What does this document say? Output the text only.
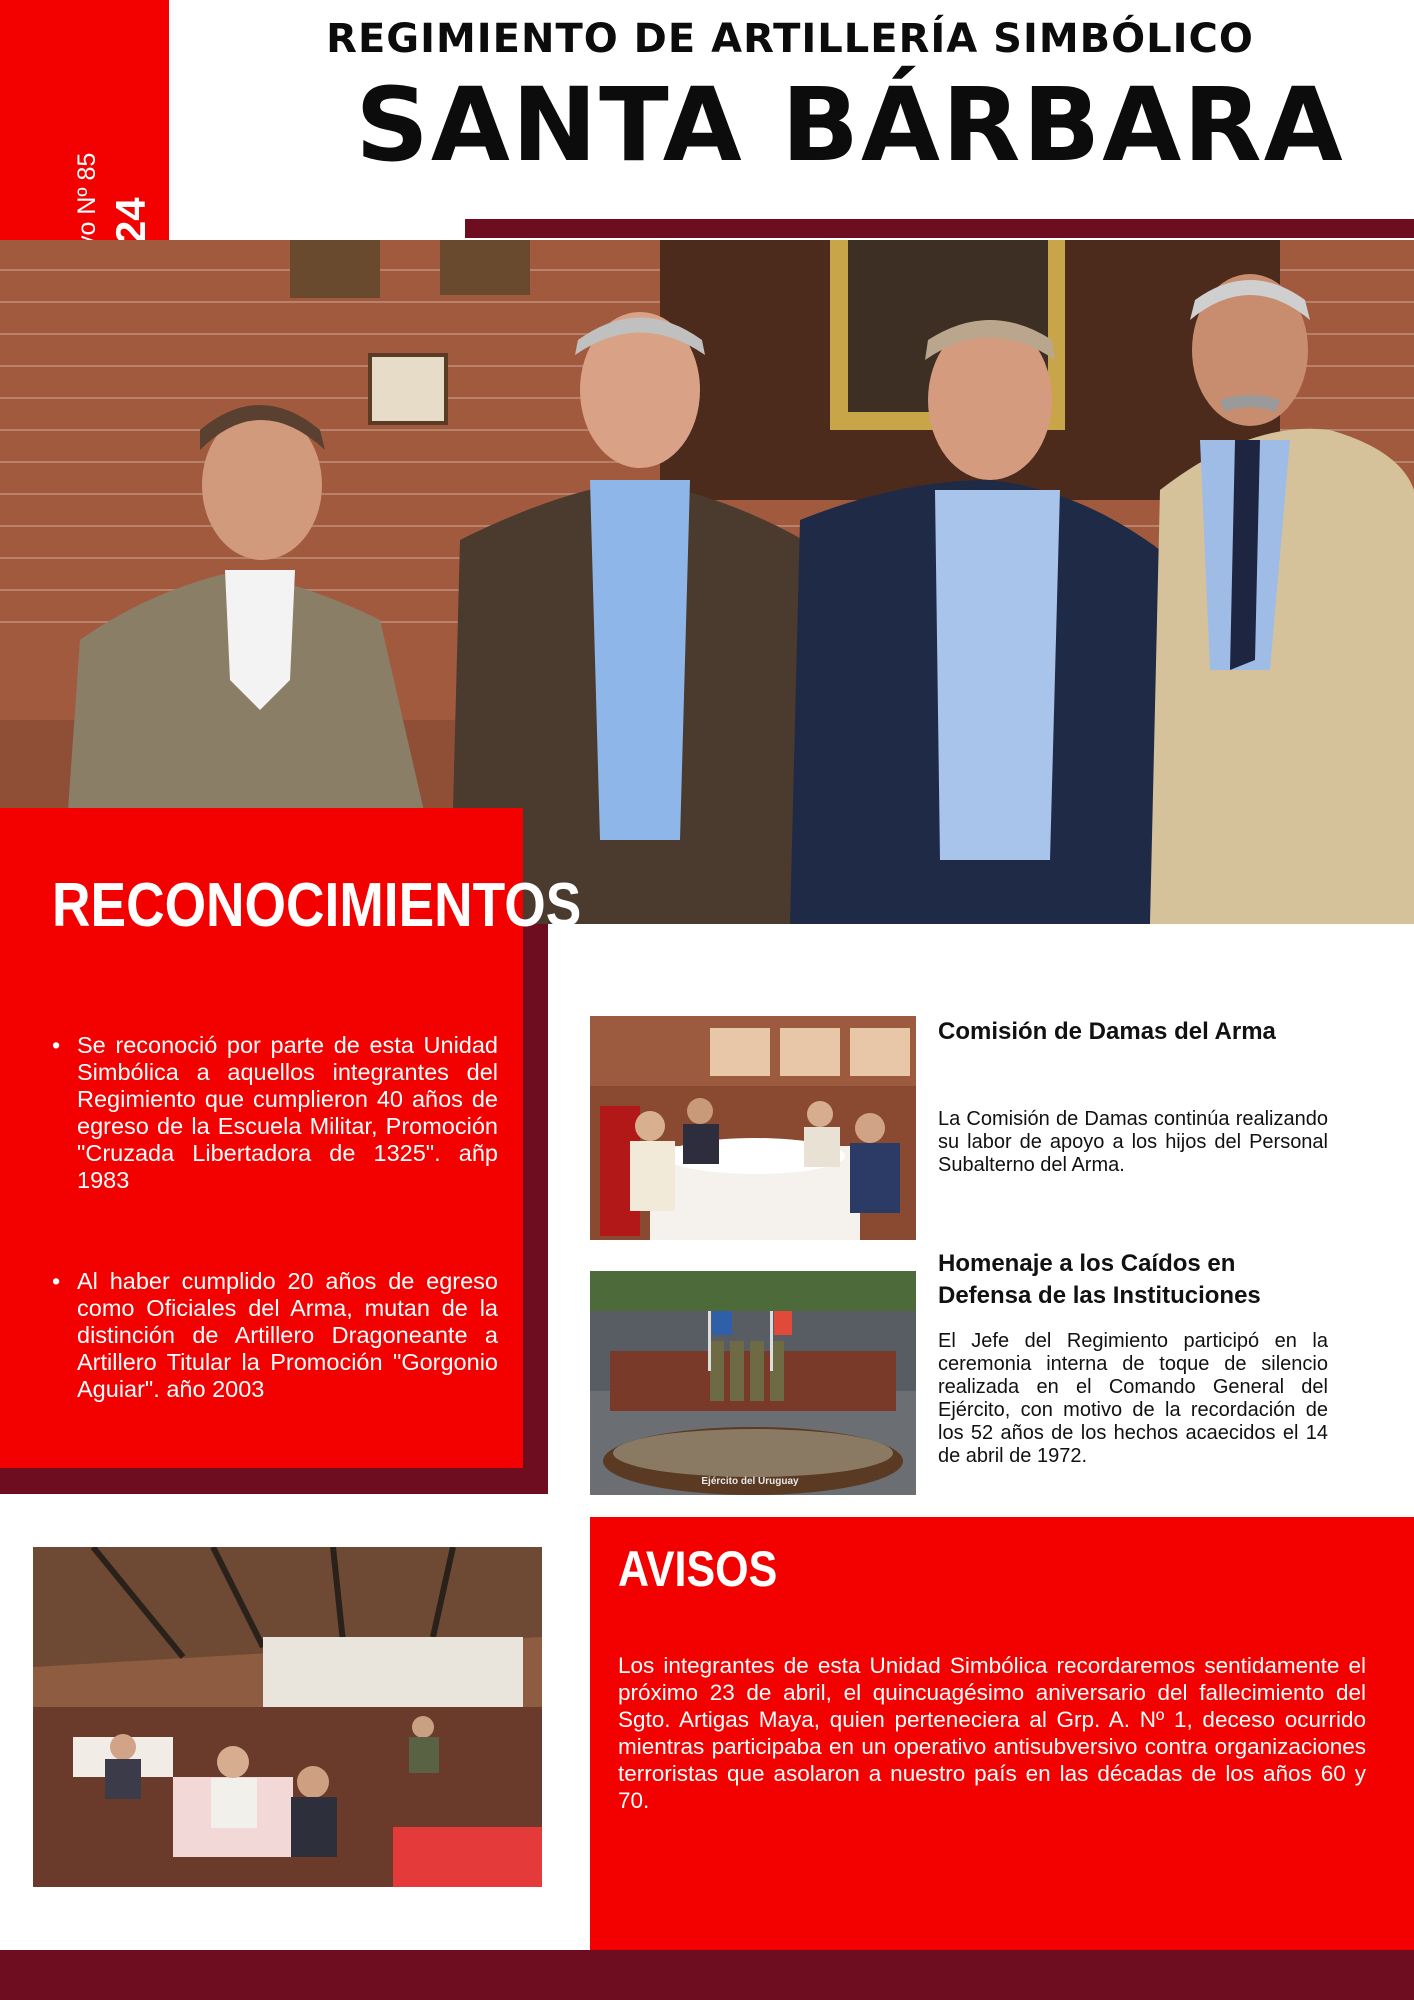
REGIMIENTO DE ARTILLERÍA SIMBÓLICO
SANTA BÁRBARA
RECONOCIMIENTOS
• Se reconoció por parte de esta Unidad Simbólica a aquellos integrantes del Regimiento que cumplieron 40 años de egreso de la Escuela Militar, Promoción "Cruzada Libertadora de 1325". añp 1983
• Al haber cumplido 20 años de egreso como Oficiales del Arma, mutan de la distinción de Artillero Dragoneante a Artillero Titular la Promoción "Gorgonio Aguiar". año 2003
Comisión de Damas del Arma
La Comisión de Damas continúa realizando su labor de apoyo a los hijos del Personal Subalterno del Arma.
Ejército del Uruguay
Homenaje a los Caídos en Defensa de las Instituciones
El Jefe del Regimiento participó en la ceremonia interna de toque de silencio realizada en el Comando General del Ejército, con motivo de la recordación de los 52 años de los hechos acaecidos el 14 de abril de 1972.
AVISOS
Los integrantes de esta Unidad Simbólica recordaremos sentidamente el próximo 23 de abril, el quincuagésimo aniversario del fallecimiento del Sgto. Artigas Maya, quien perteneciera al Grp. A. Nº 1, deceso ocurrido mientras participaba en un operativo antisubversivo contra organizaciones terroristas que asolaron a nuestro país en las décadas de los años 60 y 70.
